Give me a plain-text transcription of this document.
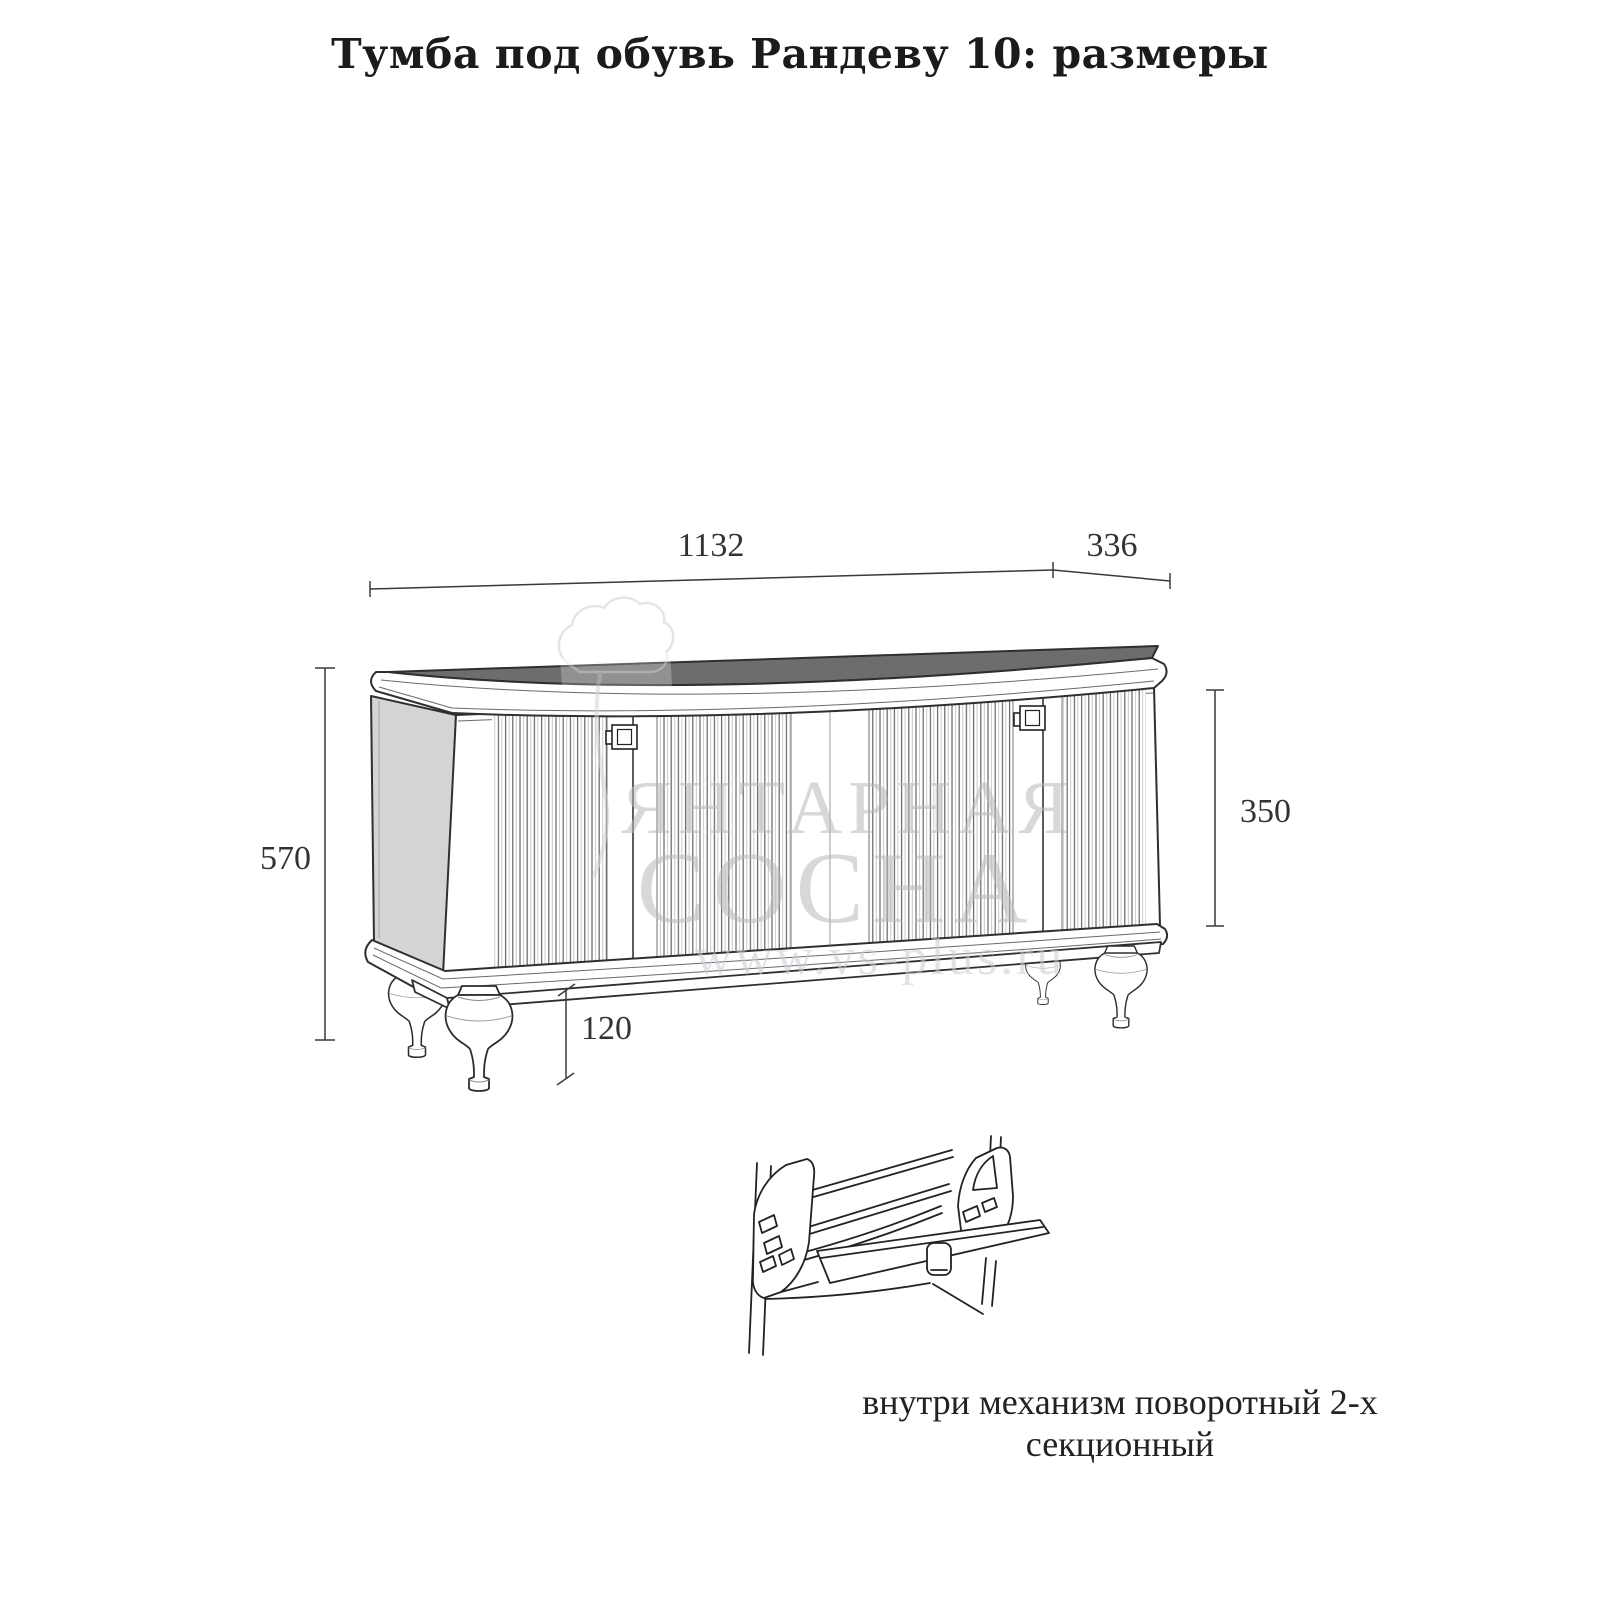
Тумба под обувь Рандеву 10: размеры
1132	336
570
350
120
ЯНТАРНАЯ
СОСНА
www.vs-plus.ru
внутри механизм поворотный 2-х секционный
